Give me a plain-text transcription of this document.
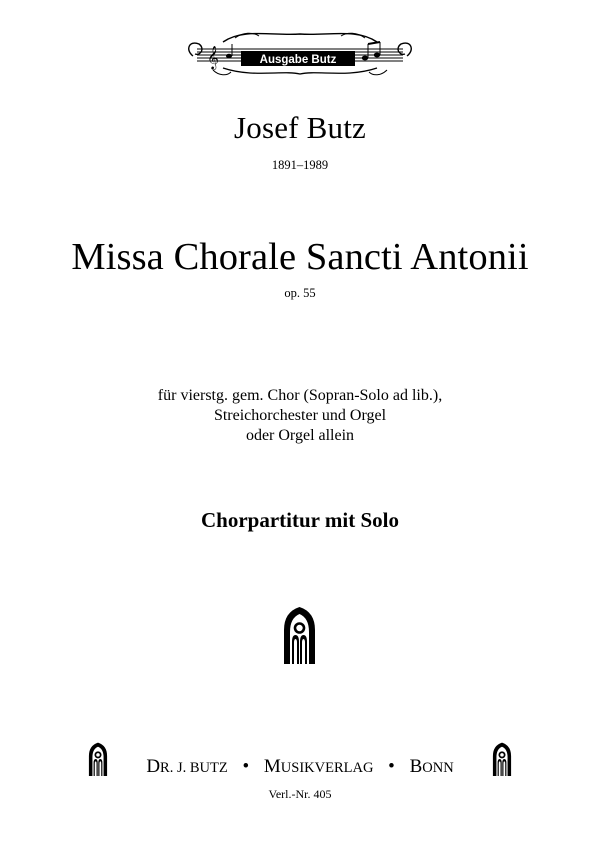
𝄞	Ausgabe Butz
Josef Butz
1891–1989
Missa Chorale Sancti Antonii
op. 55
für vierstg. gem. Chor (Sopran-Solo ad lib.),
Streichorchester und Orgel
oder Orgel allein
Chorpartitur mit Solo
DR. J. BUTZ • MUSIKVERLAG • BONN
Verl.-Nr. 405
